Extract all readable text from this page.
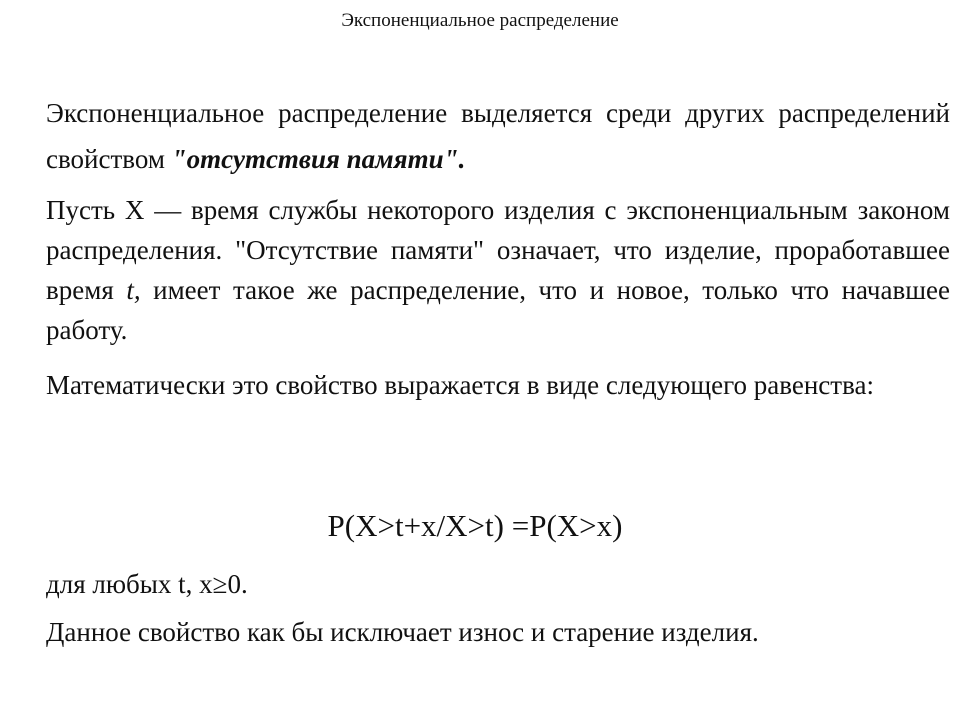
Экспоненциальное распределение

Экспоненциальное распределение выделяется среди других распределений свойством "отсутствия памяти".

Пусть Х — время службы некоторого изделия с экспоненциальным законом распределения. "Отсутствие памяти" означает, что изделие, проработавшее время t, имеет такое же распределение, что и новое, только что начавшее работу.

Математически это свойство выражается в виде следующего равенства:

P(X>t+x/X>t) =P(X>x)

для любых t, x≥0.

Данное свойство как бы исключает износ и старение изделия.
